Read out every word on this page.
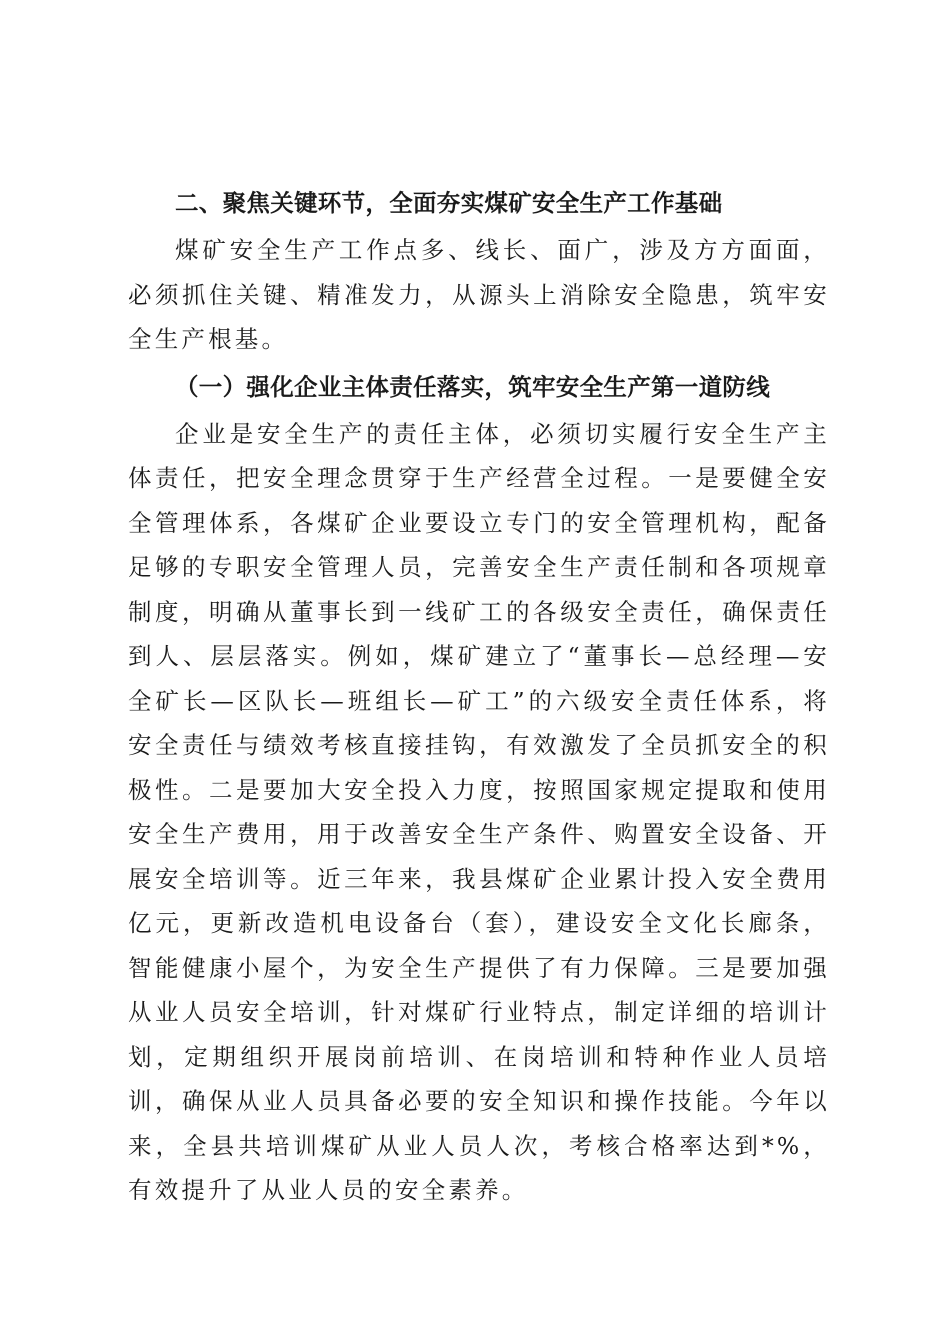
二、聚焦关键环节，全面夯实煤矿安全生产工作基础

煤矿安全生产工作点多、线长、面广，涉及方方面面，必须抓住关键、精准发力，从源头上消除安全隐患，筑牢安全生产根基。

（一）强化企业主体责任落实，筑牢安全生产第一道防线

企业是安全生产的责任主体，必须切实履行安全生产主体责任，把安全理念贯穿于生产经营全过程。一是要健全安全管理体系，各煤矿企业要设立专门的安全管理机构，配备足够的专职安全管理人员，完善安全生产责任制和各项规章制度，明确从董事长到一线矿工的各级安全责任，确保责任到人、层层落实。例如，煤矿建立了“董事长—总经理—安全矿长—区队长—班组长—矿工”的六级安全责任体系，将安全责任与绩效考核直接挂钩，有效激发了全员抓安全的积极性。二是要加大安全投入力度，按照国家规定提取和使用安全生产费用，用于改善安全生产条件、购置安全设备、开展安全培训等。近三年来，我县煤矿企业累计投入安全费用亿元，更新改造机电设备台（套），建设安全文化长廊条，智能健康小屋个，为安全生产提供了有力保障。三是要加强从业人员安全培训，针对煤矿行业特点，制定详细的培训计划，定期组织开展岗前培训、在岗培训和特种作业人员培训，确保从业人员具备必要的安全知识和操作技能。今年以来，全县共培训煤矿从业人员人次，考核合格率达到*%，有效提升了从业人员的安全素养。
